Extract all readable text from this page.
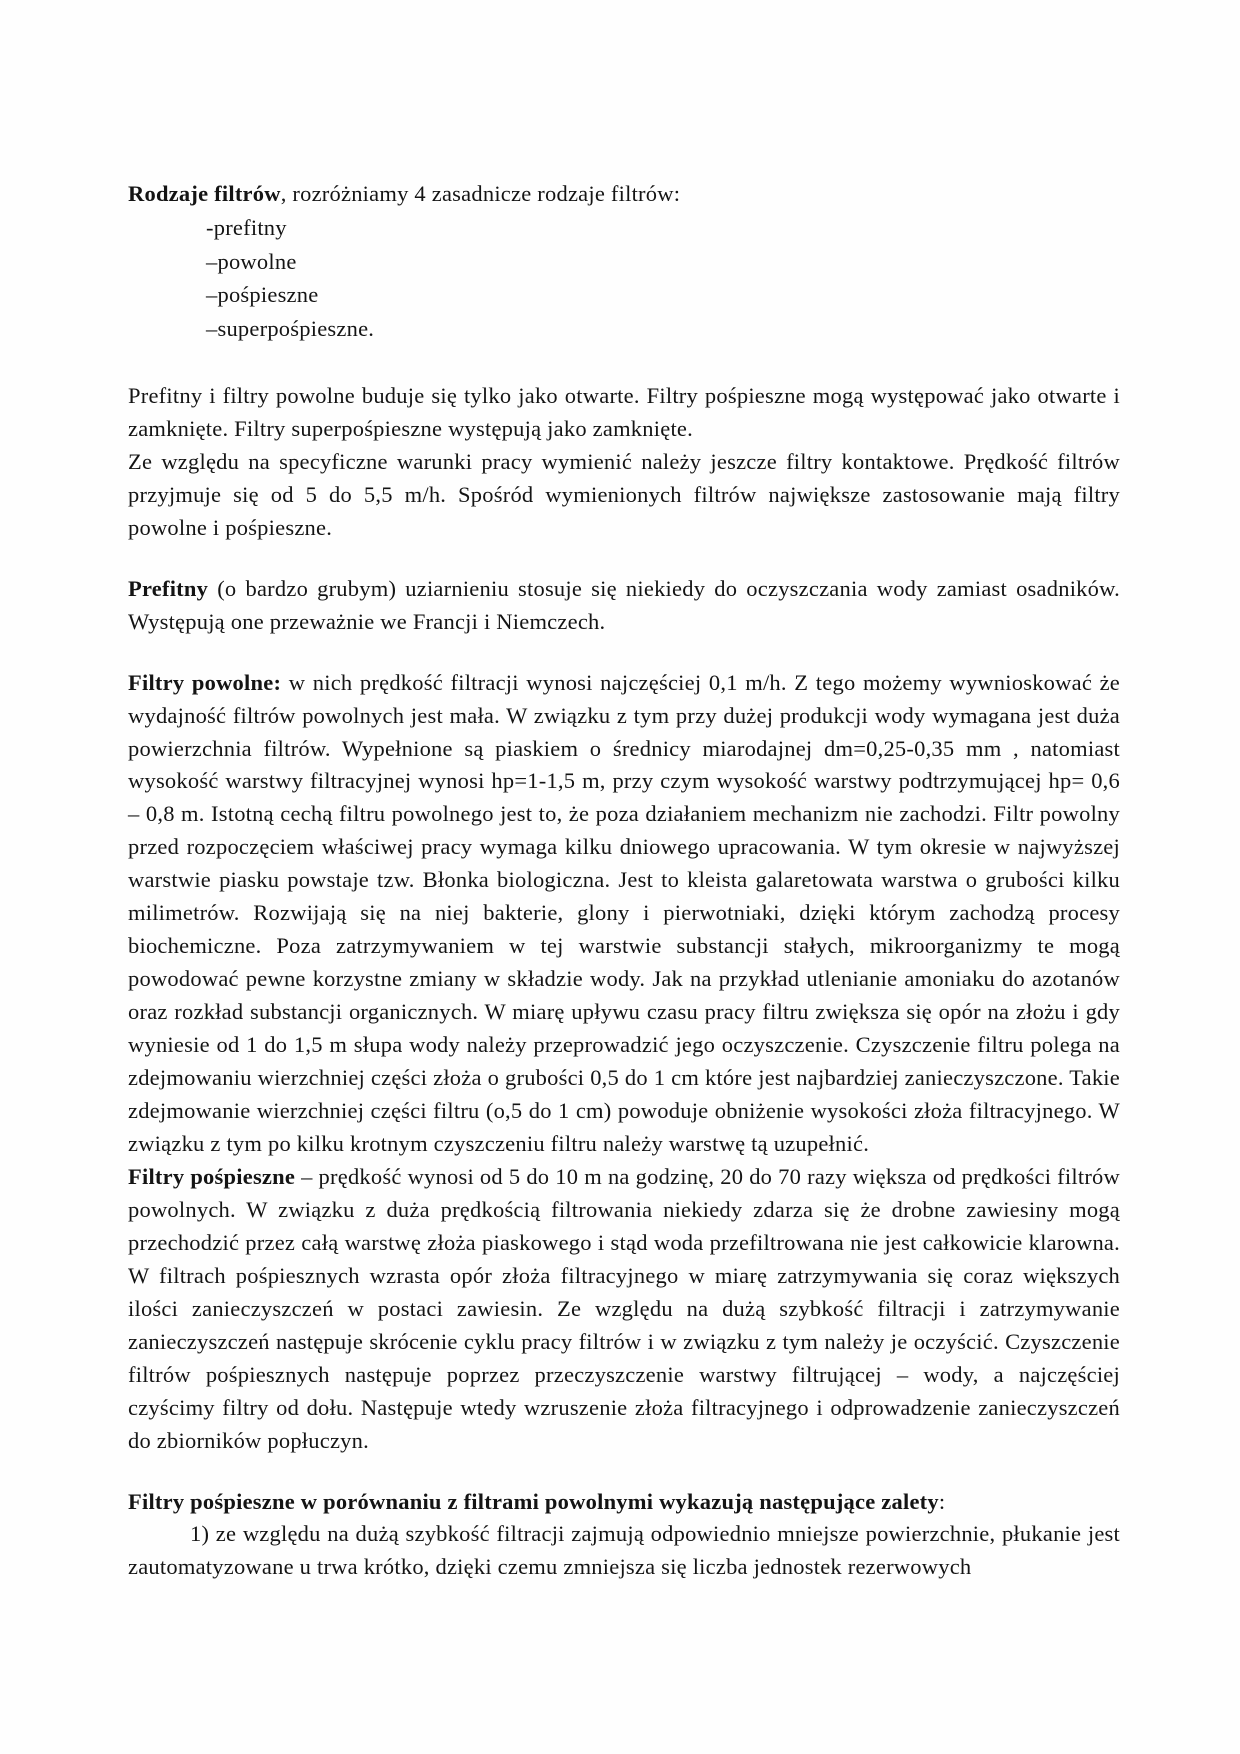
Rodzaje filtrów, rozróżniamy 4 zasadnicze rodzaje filtrów:

-prefitny
–powolne
–pośpieszne
–superpośpieszne.

Prefitny i filtry powolne buduje się tylko jako otwarte. Filtry pośpieszne mogą występować jako otwarte i zamknięte. Filtry superpośpieszne występują jako zamknięte.

Ze względu na specyficzne warunki pracy wymienić należy jeszcze filtry kontaktowe. Prędkość filtrów przyjmuje się od 5 do 5,5 m/h. Spośród wymienionych filtrów największe zastosowanie mają filtry powolne i pośpieszne.

Prefitny (o bardzo grubym) uziarnieniu stosuje się niekiedy do oczyszczania wody zamiast osadników. Występują one przeważnie we Francji i Niemczech.

Filtry powolne: w nich prędkość filtracji wynosi najczęściej 0,1 m/h. Z tego możemy wywnioskować że wydajność filtrów powolnych jest mała. W związku z tym przy dużej produkcji wody wymagana jest duża powierzchnia filtrów. Wypełnione są piaskiem o średnicy miarodajnej dm=0,25-0,35 mm , natomiast wysokość warstwy filtracyjnej wynosi hp=1-1,5 m, przy czym wysokość warstwy podtrzymującej hp= 0,6 – 0,8 m. Istotną cechą filtru powolnego jest to, że poza działaniem mechanizm nie zachodzi. Filtr powolny przed rozpoczęciem właściwej pracy wymaga kilku dniowego upracowania. W tym okresie w najwyższej warstwie piasku powstaje tzw. Błonka biologiczna. Jest to kleista galaretowata warstwa o grubości kilku milimetrów. Rozwijają się na niej bakterie, glony i pierwotniaki, dzięki którym zachodzą procesy biochemiczne. Poza zatrzymywaniem w tej warstwie substancji stałych, mikroorganizmy te mogą powodować pewne korzystne zmiany w składzie wody. Jak na przykład utlenianie amoniaku do azotanów oraz rozkład substancji organicznych. W miarę upływu czasu pracy filtru zwiększa się opór na złożu i gdy wyniesie od 1 do 1,5 m słupa wody należy przeprowadzić jego oczyszczenie. Czyszczenie filtru polega na zdejmowaniu wierzchniej części złoża o grubości 0,5 do 1 cm które jest najbardziej zanieczyszczone. Takie zdejmowanie wierzchniej części filtru (o,5 do 1 cm) powoduje obniżenie wysokości złoża filtracyjnego. W związku z tym po kilku krotnym czyszczeniu filtru należy warstwę tą uzupełnić.

Filtry pośpieszne – prędkość wynosi od 5 do 10 m na godzinę, 20 do 70 razy większa od prędkości filtrów powolnych. W związku z duża prędkością filtrowania niekiedy zdarza się że drobne zawiesiny mogą przechodzić przez całą warstwę złoża piaskowego i stąd woda przefiltrowana nie jest całkowicie klarowna. W filtrach pośpiesznych wzrasta opór złoża filtracyjnego w miarę zatrzymywania się coraz większych ilości zanieczyszczeń w postaci zawiesin. Ze względu na dużą szybkość filtracji i zatrzymywanie zanieczyszczeń następuje skrócenie cyklu pracy filtrów i w związku z tym należy je oczyścić. Czyszczenie filtrów pośpiesznych następuje poprzez przeczyszczenie warstwy filtrującej – wody, a najczęściej czyścimy filtry od dołu. Następuje wtedy wzruszenie złoża filtracyjnego i odprowadzenie zanieczyszczeń do zbiorników popłuczyn.

Filtry pośpieszne w porównaniu z filtrami powolnymi wykazują następujące zalety:

1) ze względu na dużą szybkość filtracji zajmują odpowiednio mniejsze powierzchnie, płukanie jest zautomatyzowane u trwa krótko, dzięki czemu zmniejsza się liczba jednostek rezerwowych
